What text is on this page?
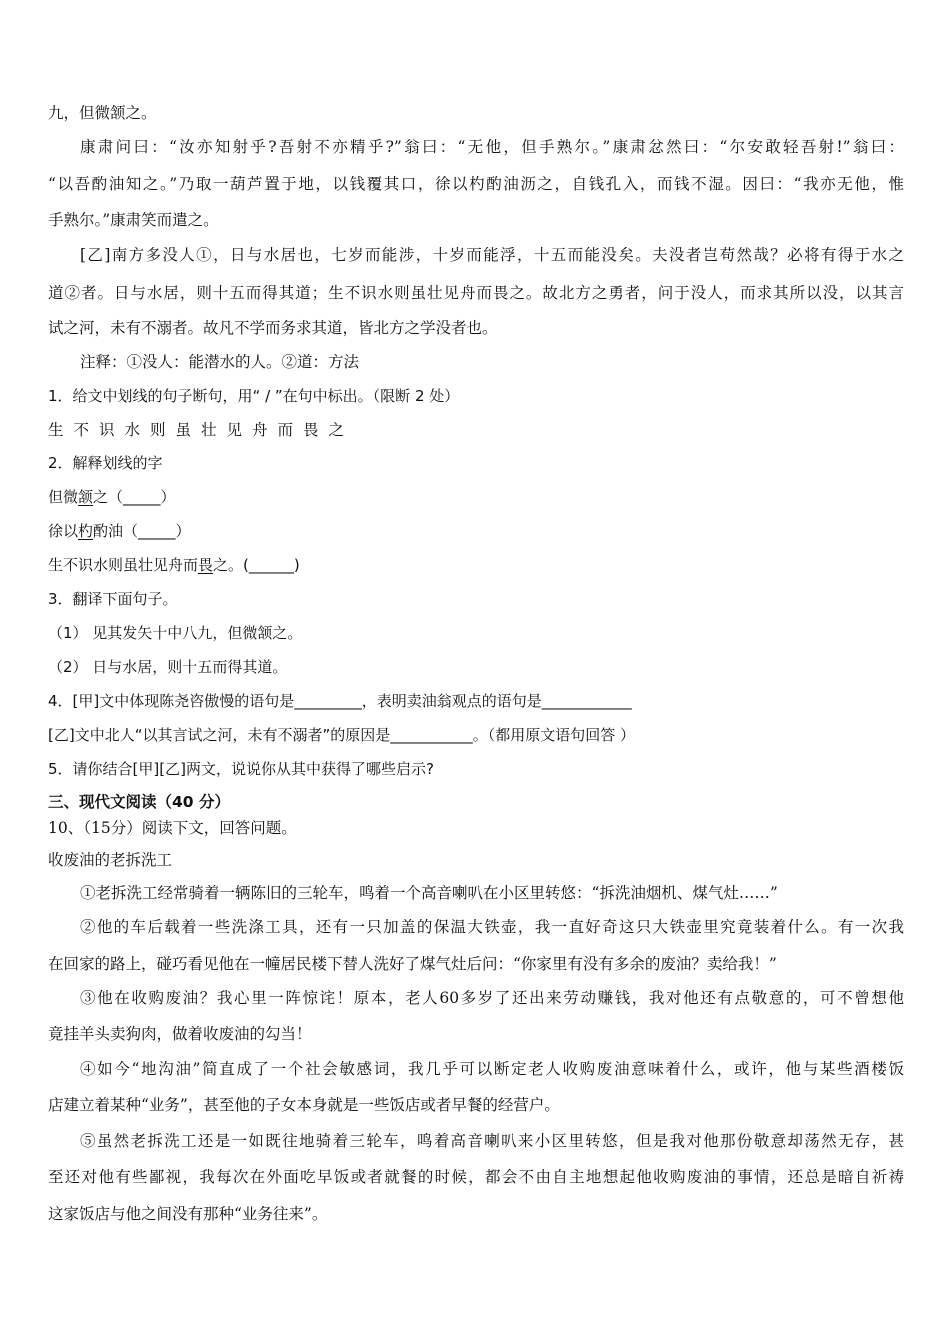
九，但微颔之。
康肃问曰：“汝亦知射乎?吾射不亦精乎?”翁曰：“无他，但手熟尔。”康肃忿然曰：“尔安敢轻吾射!”翁曰：
“以吾酌油知之。”乃取一葫芦置于地，以钱覆其口，徐以杓酌油沥之，自钱孔入，而钱不湿。因曰：“我亦无他，惟
手熟尔。”康肃笑而遣之。
[乙]南方多没人①，日与水居也，七岁而能涉，十岁而能浮，十五而能没矣。夫没者岂苟然哉？必将有得于水之
道②者。日与水居，则十五而得其道；生不识水则虽壮见舟而畏之。故北方之勇者，问于没人，而求其所以没，以其言
试之河，未有不溺者。故凡不学而务求其道，皆北方之学没者也。
注释：①没人：能潜水的人。②道：方法
1．给文中划线的句子断句，用“ / ”在句中标出。（限断 2 处）
生不识水则虽壮见舟而畏之
2．解释划线的字
但微颔之（_____）
徐以杓酌油（_____）
生不识水则虽壮见舟而畏之。(______)
3．翻译下面句子。
（1） 见其发矢十中八九，但微颔之。
（2） 日与水居，则十五而得其道。
4．[甲]文中体现陈尧咨傲慢的语句是_________，表明卖油翁观点的语句是____________
[乙]文中北人“以其言试之河，未有不溺者”的原因是___________。（都用原文语句回答 ）
5．请你结合[甲][乙]两文，说说你从其中获得了哪些启示?
三、现代文阅读（40 分）
10、（15分）阅读下文，回答问题。
收废油的老拆洗工
①老拆洗工经常骑着一辆陈旧的三轮车，鸣着一个高音喇叭在小区里转悠：“拆洗油烟机、煤气灶……”
②他的车后载着一些洗涤工具，还有一只加盖的保温大铁壶，我一直好奇这只大铁壶里究竟装着什么。有一次我
在回家的路上，碰巧看见他在一幢居民楼下替人洗好了煤气灶后问：“你家里有没有多余的废油？卖给我！”
③他在收购废油？我心里一阵惊诧！原本，老人60多岁了还出来劳动赚钱，我对他还有点敬意的，可不曾想他
竟挂羊头卖狗肉，做着收废油的勾当！
④如今“地沟油”简直成了一个社会敏感词，我几乎可以断定老人收购废油意味着什么，或许，他与某些酒楼饭
店建立着某种“业务”，甚至他的子女本身就是一些饭店或者早餐的经营户。
⑤虽然老拆洗工还是一如既往地骑着三轮车，鸣着高音喇叭来小区里转悠，但是我对他那份敬意却荡然无存，甚
至还对他有些鄙视，我每次在外面吃早饭或者就餐的时候，都会不由自主地想起他收购废油的事情，还总是暗自祈祷
这家饭店与他之间没有那种“业务往来”。
